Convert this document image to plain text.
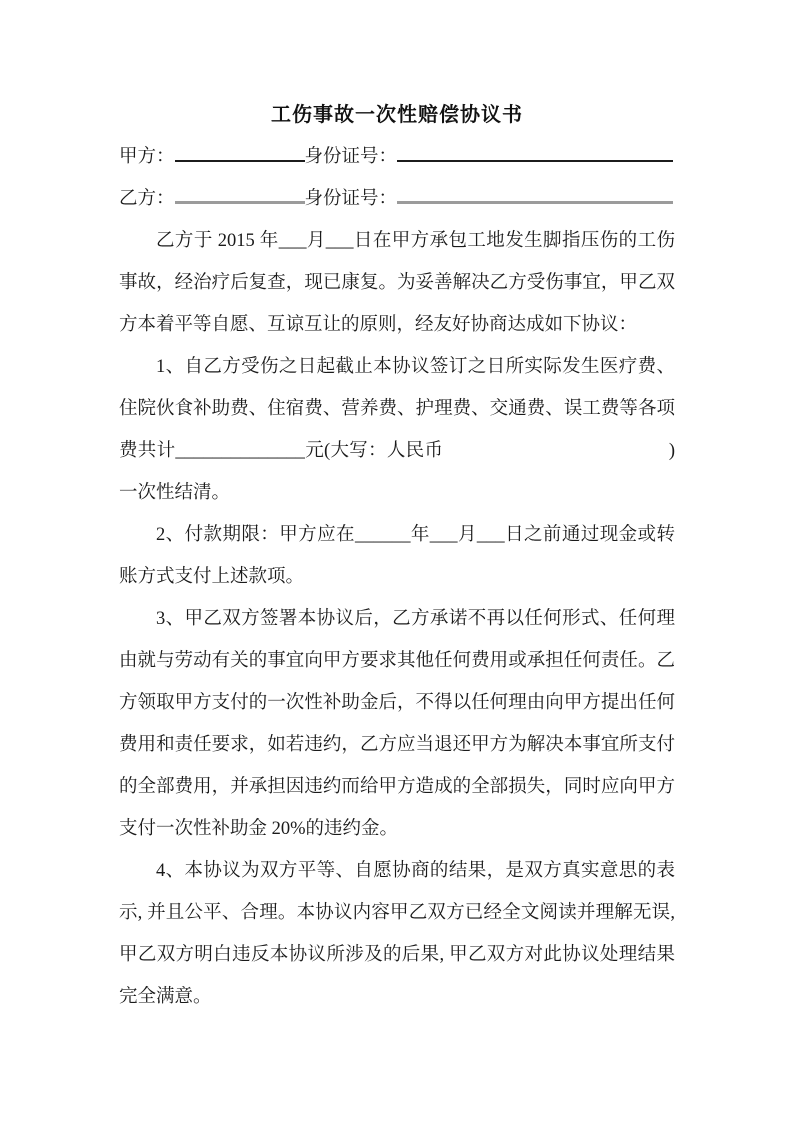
工伤事故一次性赔偿协议书
甲方：	身份证号：
乙方：	身份证号：

乙方于 2015 年___月___日在甲方承包工地发生脚指压伤的工伤事故，经治疗后复查，现已康复。为妥善解决乙方受伤事宜，甲乙双方本着平等自愿、互谅互让的原则，经友好协商达成如下协议：

1、自乙方受伤之日起截止本协议签订之日所实际发生医疗费、住院伙食补助费、住宿费、营养费、护理费、交通费、误工费等各项费共计______________元(大写：人民币　　　　　　　　　　　　)一次性结清。

2、付款期限：甲方应在______年___月___日之前通过现金或转账方式支付上述款项。

3、甲乙双方签署本协议后，乙方承诺不再以任何形式、任何理由就与劳动有关的事宜向甲方要求其他任何费用或承担任何责任。乙方领取甲方支付的一次性补助金后，不得以任何理由向甲方提出任何费用和责任要求，如若违约，乙方应当退还甲方为解决本事宜所支付的全部费用，并承担因违约而给甲方造成的全部损失，同时应向甲方支付一次性补助金 20%的违约金。

4、本协议为双方平等、自愿协商的结果，是双方真实意思的表示, 并且公平、合理。本协议内容甲乙双方已经全文阅读并理解无误, 甲乙双方明白违反本协议所涉及的后果, 甲乙双方对此协议处理结果完全满意。
